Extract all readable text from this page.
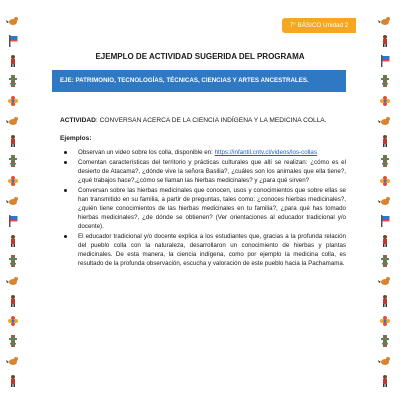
7° BÁSICO Unidad 2
EJEMPLO DE ACTIVIDAD SUGERIDA DEL PROGRAMA
EJE: PATRIMONIO, TECNOLOGÍAS, TÉCNICAS, CIENCIAS Y ARTES ANCESTRALES.

ACTIVIDAD: CONVERSAN ACERCA DE LA CIENCIA INDÍGENA Y LA MEDICINA COLLA.

Ejemplos:

Observan un video sobre los colla, disponible en: https://infantil.cntv.cl/videos/los-collas
Comentan características del territorio y prácticas culturales que allí se realizan: ¿cómo es el desierto de Atacama?, ¿dónde vive la señora Basilia?, ¿cuáles son los animales que ella tiene?, ¿qué trabajos hace?,¿cómo se llaman las hierbas medicinales? y ¿para qué sirven?
Conversan sobre las hierbas medicinales que conocen, usos y conocimientos que sobre ellas se han transmitido en su familia, a partir de preguntas, tales como: ¿conoces hierbas medicinales?,¿quién tiene conocimientos de las hierbas medicinales en tu familia?, ¿para qué has tomado hierbas medicinales?, ¿de dónde se obtienen? (Ver orientaciones al educador tradicional y/o docente).
El educador tradicional y/o docente explica a los estudiantes que, gracias a la profunda relación del pueblo colla con la naturaleza, desarrollaron un conocimiento de hierbas y plantas medicinales. De esta manera, la ciencia indígena, como por ejemplo la medicina colla, es resultado de la profunda observación, escucha y valoración de este pueblo hacia la Pachamama.
